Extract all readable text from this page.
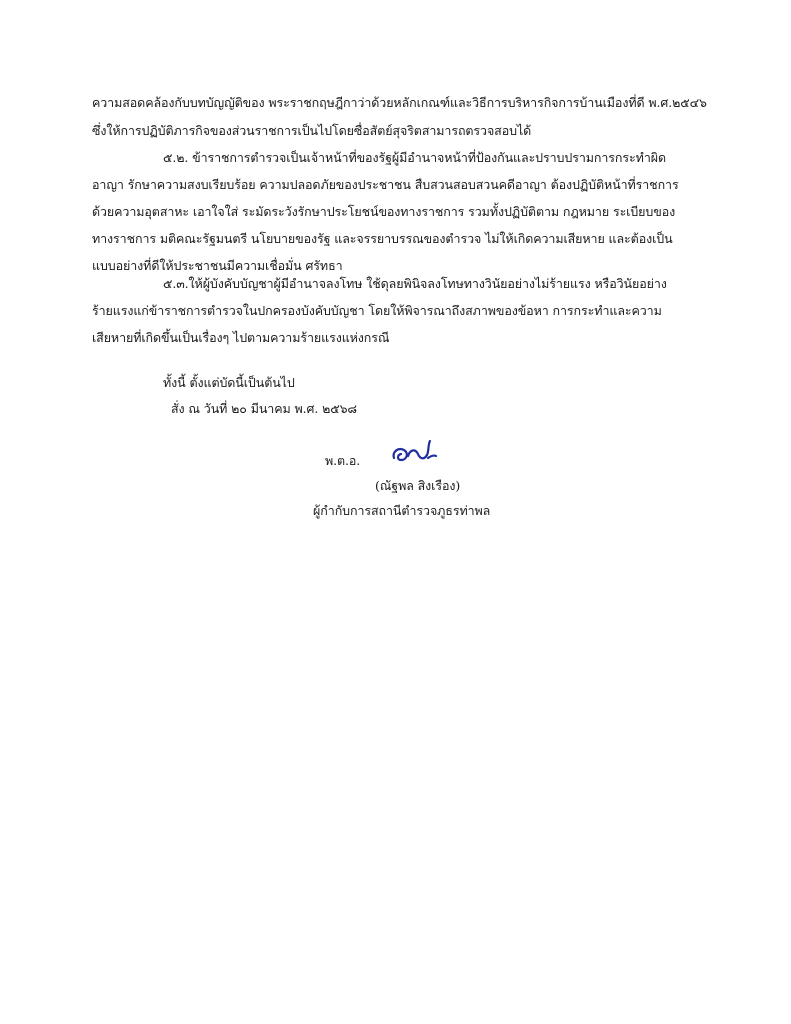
ความสอดคล้องกับบทบัญญัติของ พระราชกฤษฎีกาว่าด้วยหลักเกณฑ์และวิธีการบริหารกิจการบ้านเมืองที่ดี พ.ศ.๒๕๔๖
ซึ่งให้การปฏิบัติภารกิจของส่วนราชการเป็นไปโดยซื่อสัตย์สุจริตสามารถตรวจสอบได้
๕.๒. ข้าราชการตำรวจเป็นเจ้าหน้าที่ของรัฐผู้มีอำนาจหน้าที่ป้องกันและปราบปรามการกระทำผิด
อาญา รักษาความสงบเรียบร้อย ความปลอดภัยของประชาชน สืบสวนสอบสวนคดีอาญา ต้องปฏิบัติหน้าที่ราชการ
ด้วยความอุตสาหะ เอาใจใส่ ระมัดระวังรักษาประโยชน์ของทางราชการ รวมทั้งปฏิบัติตาม กฎหมาย ระเบียบของ
ทางราชการ มติคณะรัฐมนตรี นโยบายของรัฐ และจรรยาบรรณของตำรวจ ไม่ให้เกิดความเสียหาย และต้องเป็น
แบบอย่างที่ดีให้ประชาชนมีความเชื่อมั่น ศรัทธา
๕.๓.ให้ผู้บังคับบัญชาผู้มีอำนาจลงโทษ ใช้ดุลยพินิจลงโทษทางวินัยอย่างไม่ร้ายแรง หรือวินัยอย่าง
ร้ายแรงแก่ข้าราชการตำรวจในปกครองบังคับบัญชา โดยให้พิจารณาถึงสภาพของข้อหา การกระทำและความ
เสียหายที่เกิดขึ้นเป็นเรื่องๆ ไปตามความร้ายแรงแห่งกรณี
ทั้งนี้ ตั้งแต่บัดนี้เป็นต้นไป
สั่ง ณ วันที่ ๒๐ มีนาคม พ.ศ. ๒๕๖๘
พ.ต.อ.
(ณัฐพล สิงเรือง)
ผู้กำกับการสถานีตำรวจภูธรท่าพล
